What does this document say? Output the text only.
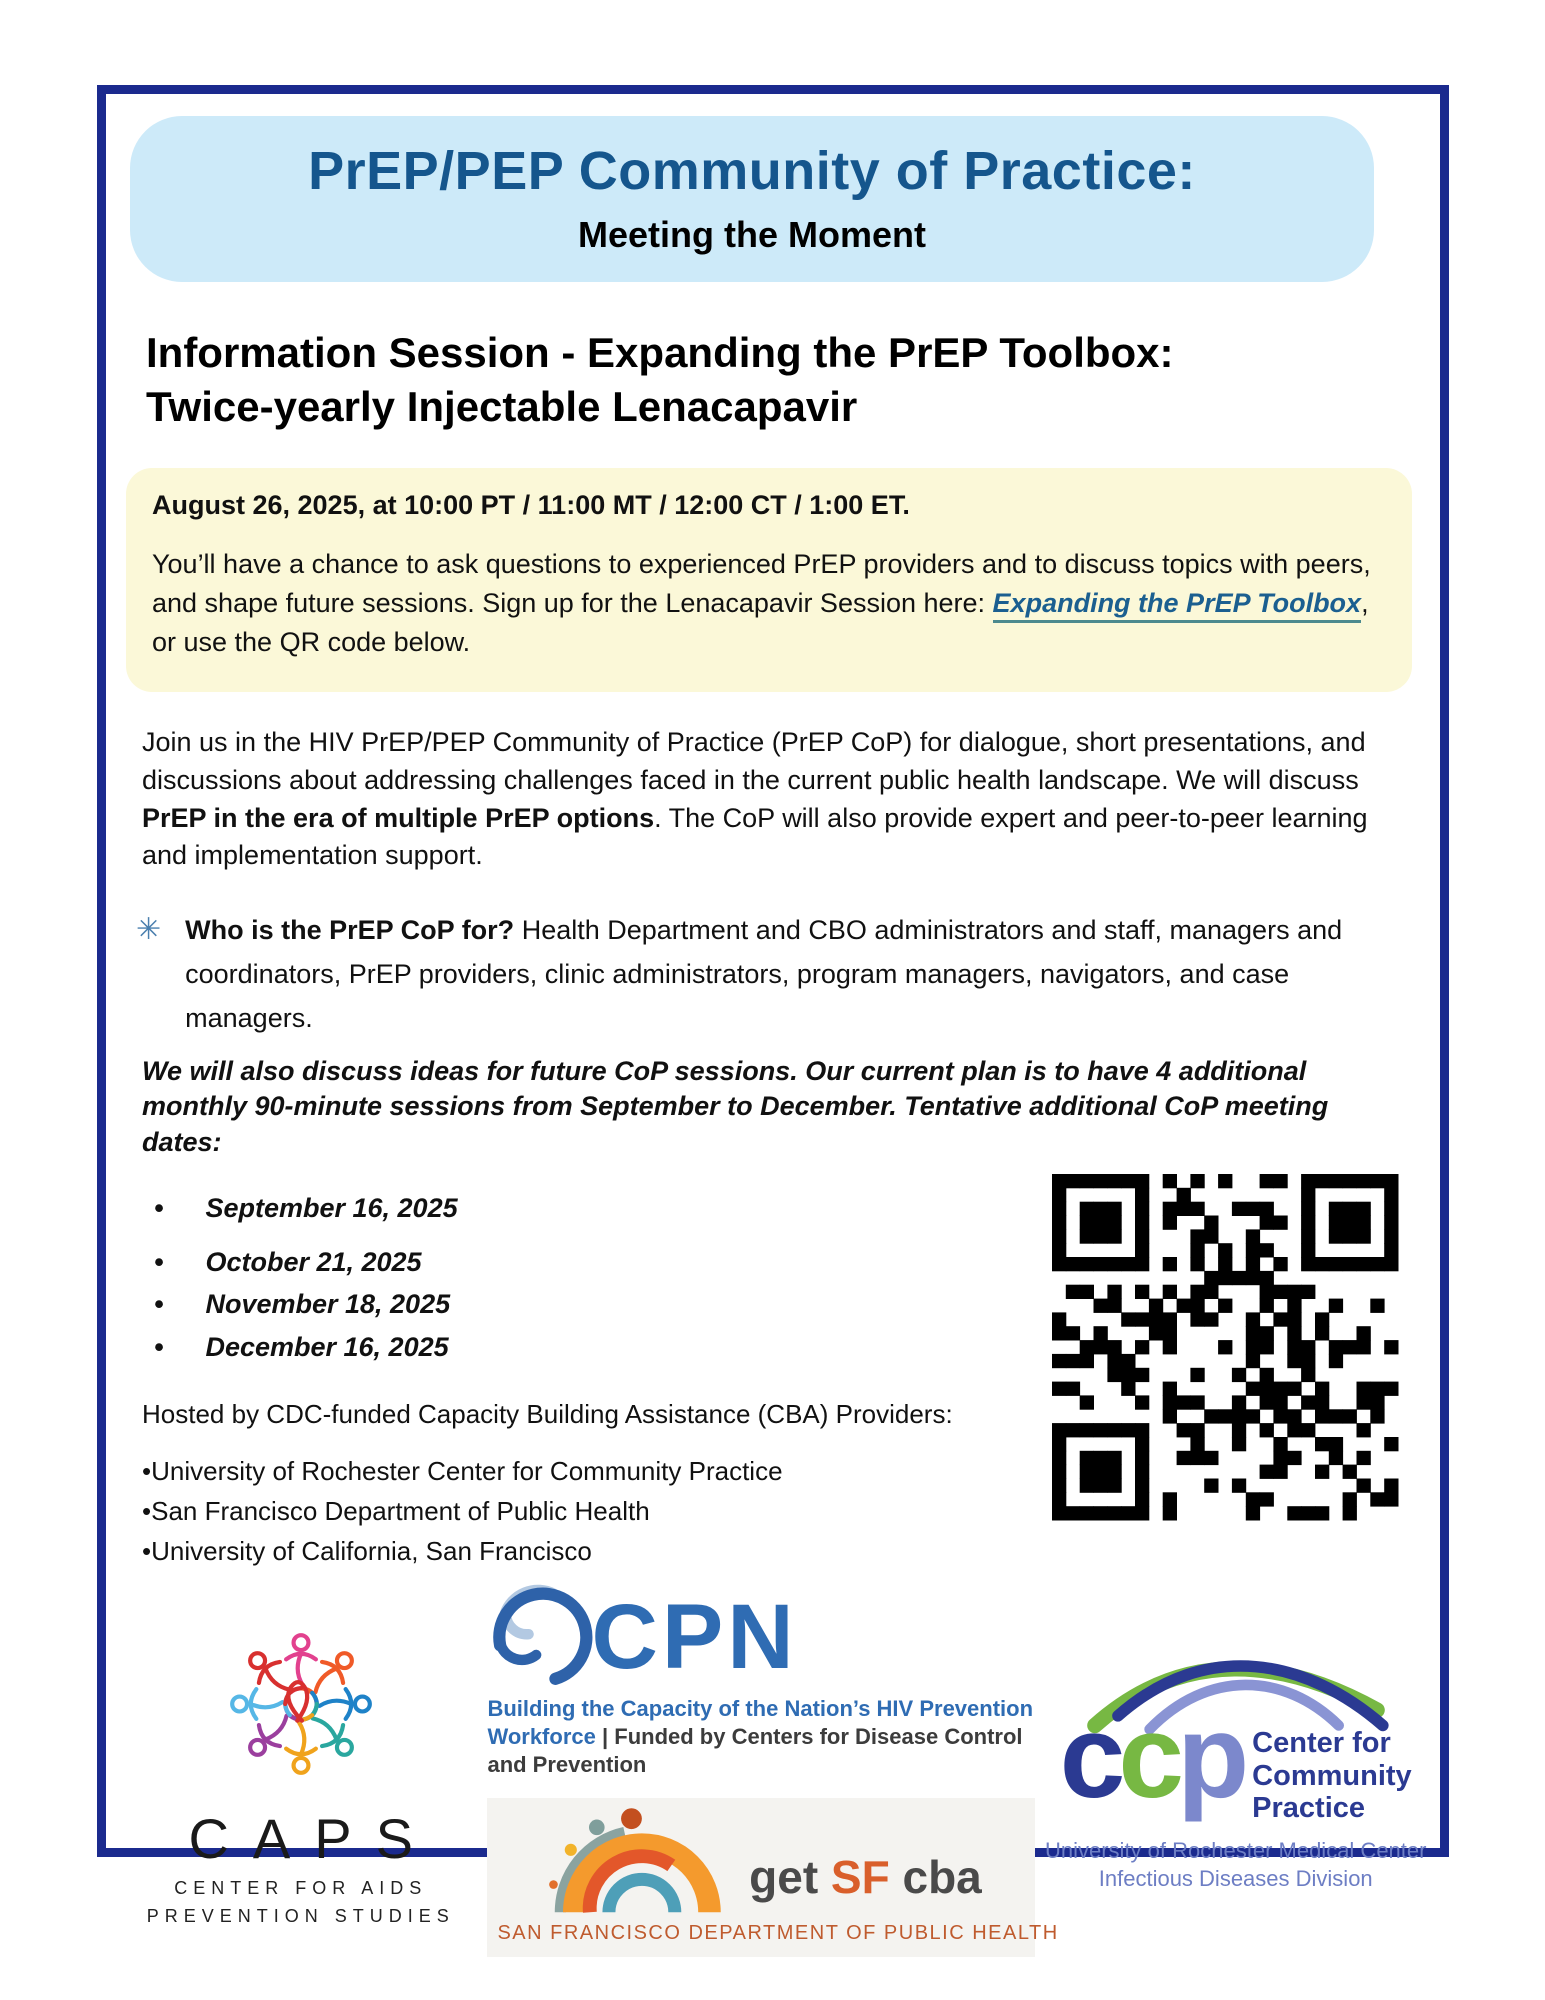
PrEP/PEP Community of Practice:
Meeting the Moment
Information Session - Expanding the PrEP Toolbox: Twice-yearly Injectable Lenacapavir
August 26, 2025, at 10:00 PT / 11:00 MT / 12:00 CT / 1:00 ET.
You’ll have a chance to ask questions to experienced PrEP providers and to discuss topics with peers, and shape future sessions. Sign up for the Lenacapavir Session here: Expanding the PrEP Toolbox, or use the QR code below.
Join us in the HIV PrEP/PEP Community of Practice (PrEP CoP) for dialogue, short presentations, and discussions about addressing challenges faced in the current public health landscape. We will discuss PrEP in the era of multiple PrEP options. The CoP will also provide expert and peer-to-peer learning and implementation support.
✳ Who is the PrEP CoP for? Health Department and CBO administrators and staff, managers and coordinators, PrEP providers, clinic administrators, program managers, navigators, and case managers.
We will also discuss ideas for future CoP sessions. Our current plan is to have 4 additional monthly 90-minute sessions from September to December. Tentative additional CoP meeting dates:
• September 16, 2025
• October 21, 2025
• November 18, 2025
• December 16, 2025
Hosted by CDC-funded Capacity Building Assistance (CBA) Providers:
•University of Rochester Center for Community Practice
•San Francisco Department of Public Health
•University of California, San Francisco
CAPS
CENTER FOR AIDS
PREVENTION STUDIES
CPN
Building the Capacity of the Nation’s HIV Prevention Workforce | Funded by Centers for Disease Control and Prevention
get SF cba
SAN FRANCISCO DEPARTMENT OF PUBLIC HEALTH
ccp Center for
Community
Practice
University of Rochester Medical Center
Infectious Diseases Division
